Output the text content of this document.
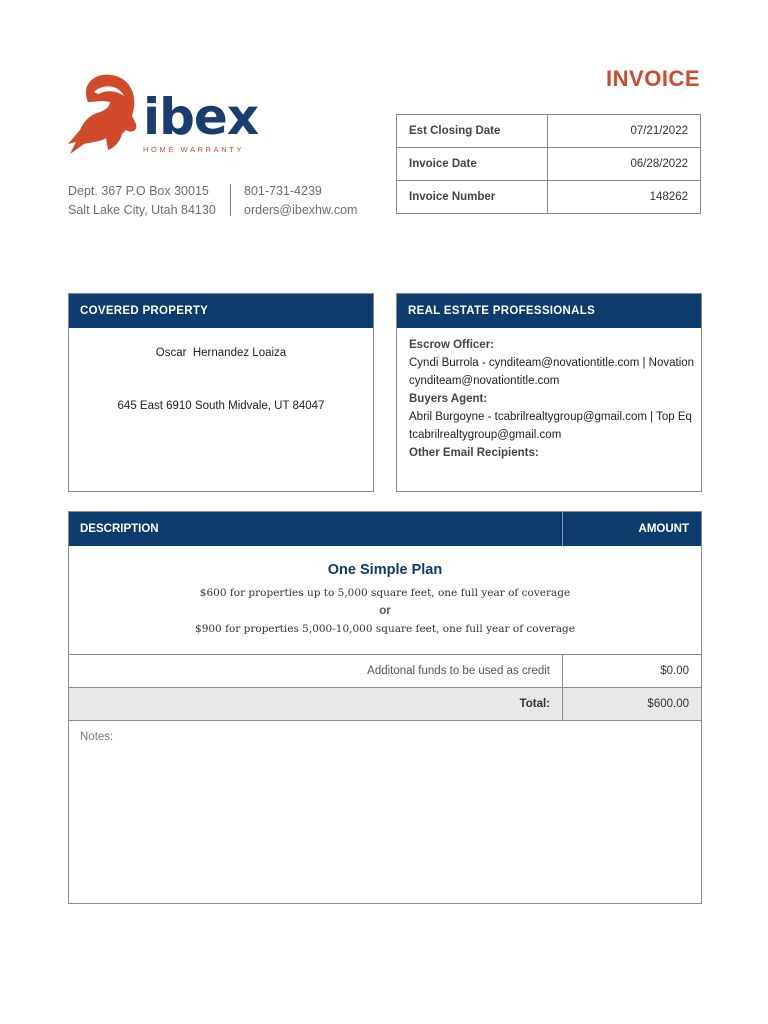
ibex
HOME WARRANTY
Dept. 367 P.O Box 30015
Salt Lake City, Utah 84130
801-731-4239
orders@ibexhw.com
INVOICE
Est Closing Date	07/21/2022
Invoice Date	06/28/2022
Invoice Number	148262
COVERED PROPERTY
Oscar  Hernandez Loaiza
645 East 6910 South Midvale, UT 84047
REAL ESTATE PROFESSIONALS
Escrow Officer:
Cyndi Burrola - cynditeam@novationtitle.com | Novation
cynditeam@novationtitle.com
Buyers Agent:
Abril Burgoyne - tcabrilrealtygroup@gmail.com | Top Eq
tcabrilrealtygroup@gmail.com
Other Email Recipients:
DESCRIPTION	AMOUNT
One Simple Plan
$600 for properties up to 5,000 square feet, one full year of coverage
or
$900 for properties 5,000-10,000 square feet, one full year of coverage
Additonal funds to be used as credit	$0.00
Total:	$600.00
Notes:
